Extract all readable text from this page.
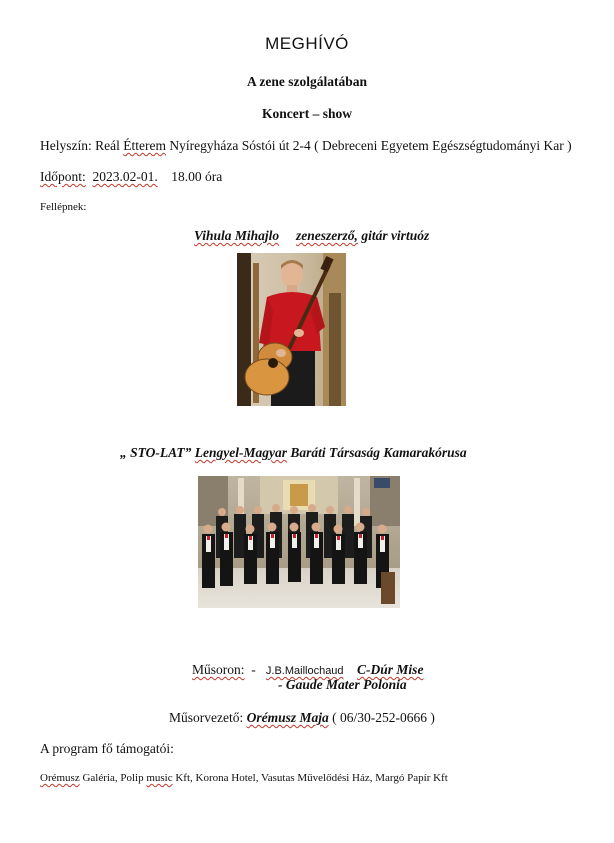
MEGHÍVÓ
A zene szolgálatában
Koncert – show
Helyszín: Reál Étterem Nyíregyháza Sóstói út 2-4 ( Debreceni Egyetem Egészségtudományi Kar )
Időpont: 2023.02-01. 18.00 óra
Fellépnek:
Vihula Mihajlo zeneszerző, gitár virtuóz
„ STO-LAT” Lengyel-Magyar Baráti Társaság Kamarakórusa
Műsoron: - J.B.Maillochaud C-Dúr Mise
- Gaude Mater Polonia
Műsorvezető: Orémusz Maja ( 06/30-252-0666 )
A program fő támogatói:
Orémusz Galéria, Polip music Kft, Korona Hotel, Vasutas Művelődési Ház, Margó Papír Kft
